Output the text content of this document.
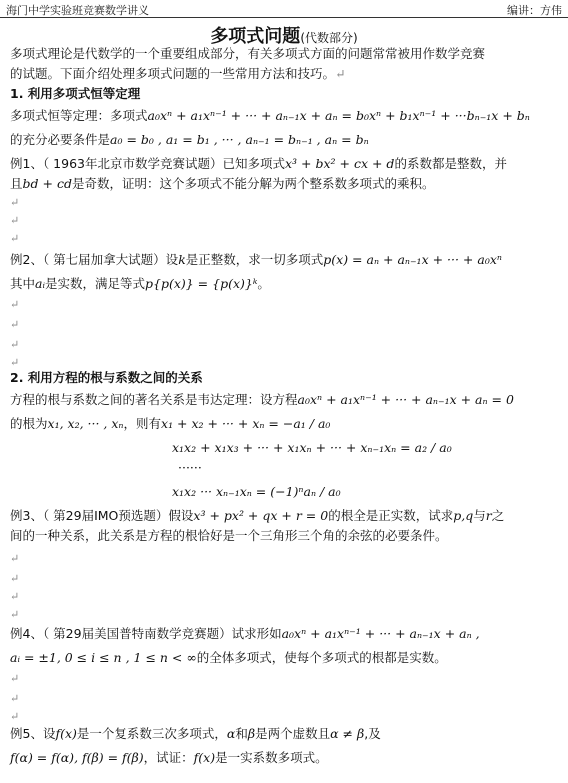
海门中学实验班竞赛数学讲义	编讲：方伟
多项式问题(代数部分)
多项式理论是代数学的一个重要组成部分，有关多项式方面的问题常常被用作数学竞赛
的试题。下面介绍处理多项式问题的一些常用方法和技巧。↵
1. 利用多项式恒等定理
多项式恒等定理：多项式a₀xⁿ + a₁xⁿ⁻¹ + ··· + aₙ₋₁x + aₙ = b₀xⁿ + b₁xⁿ⁻¹ + ···bₙ₋₁x + bₙ
的充分必要条件是a₀ = b₀ , a₁ = b₁ , ··· , aₙ₋₁ = bₙ₋₁ , aₙ = bₙ
例1、（ 1963年北京市数学竞赛试题）已知多项式x³ + bx² + cx + d的系数都是整数，并
且bd + cd是奇数，证明：这个多项式不能分解为两个整系数多项式的乘积。
↵
↵
↵
例2、（ 第七届加拿大试题）设k是正整数，求一切多项式p(x) = aₙ + aₙ₋₁x + ··· + a₀xⁿ
其中aᵢ是实数，满足等式p{p(x)} = {p(x)}ᵏ。
↵
↵
↵
↵
2. 利用方程的根与系数之间的关系
方程的根与系数之间的著名关系是韦达定理：设方程a₀xⁿ + a₁xⁿ⁻¹ + ··· + aₙ₋₁x + aₙ = 0
的根为x₁, x₂, ··· , xₙ，则有x₁ + x₂ + ··· + xₙ = −a₁ / a₀
x₁x₂ + x₁x₃ + ··· + x₁xₙ + ··· + xₙ₋₁xₙ = a₂ / a₀
······
x₁x₂ ··· xₙ₋₁xₙ = (−1)ⁿaₙ / a₀
例3、（ 第29届IMO预选题）假设x³ + px² + qx + r = 0的根全是正实数，试求p,q与r之
间的一种关系，此关系是方程的根恰好是一个三角形三个角的余弦的必要条件。
↵
↵
↵
↵
例4、（ 第29届美国普特南数学竞赛题）试求形如a₀xⁿ + a₁xⁿ⁻¹ + ··· + aₙ₋₁x + aₙ ,
aᵢ = ±1, 0 ≤ i ≤ n , 1 ≤ n < ∞的全体多项式，使每个多项式的根都是实数。
↵
↵
↵
例5、设f(x)是一个复系数三次多项式，α和β是两个虚数且α ≠ β,及
f(α) = f(α), f(β) = f(β)，试证：f(x)是一实系数多项式。
